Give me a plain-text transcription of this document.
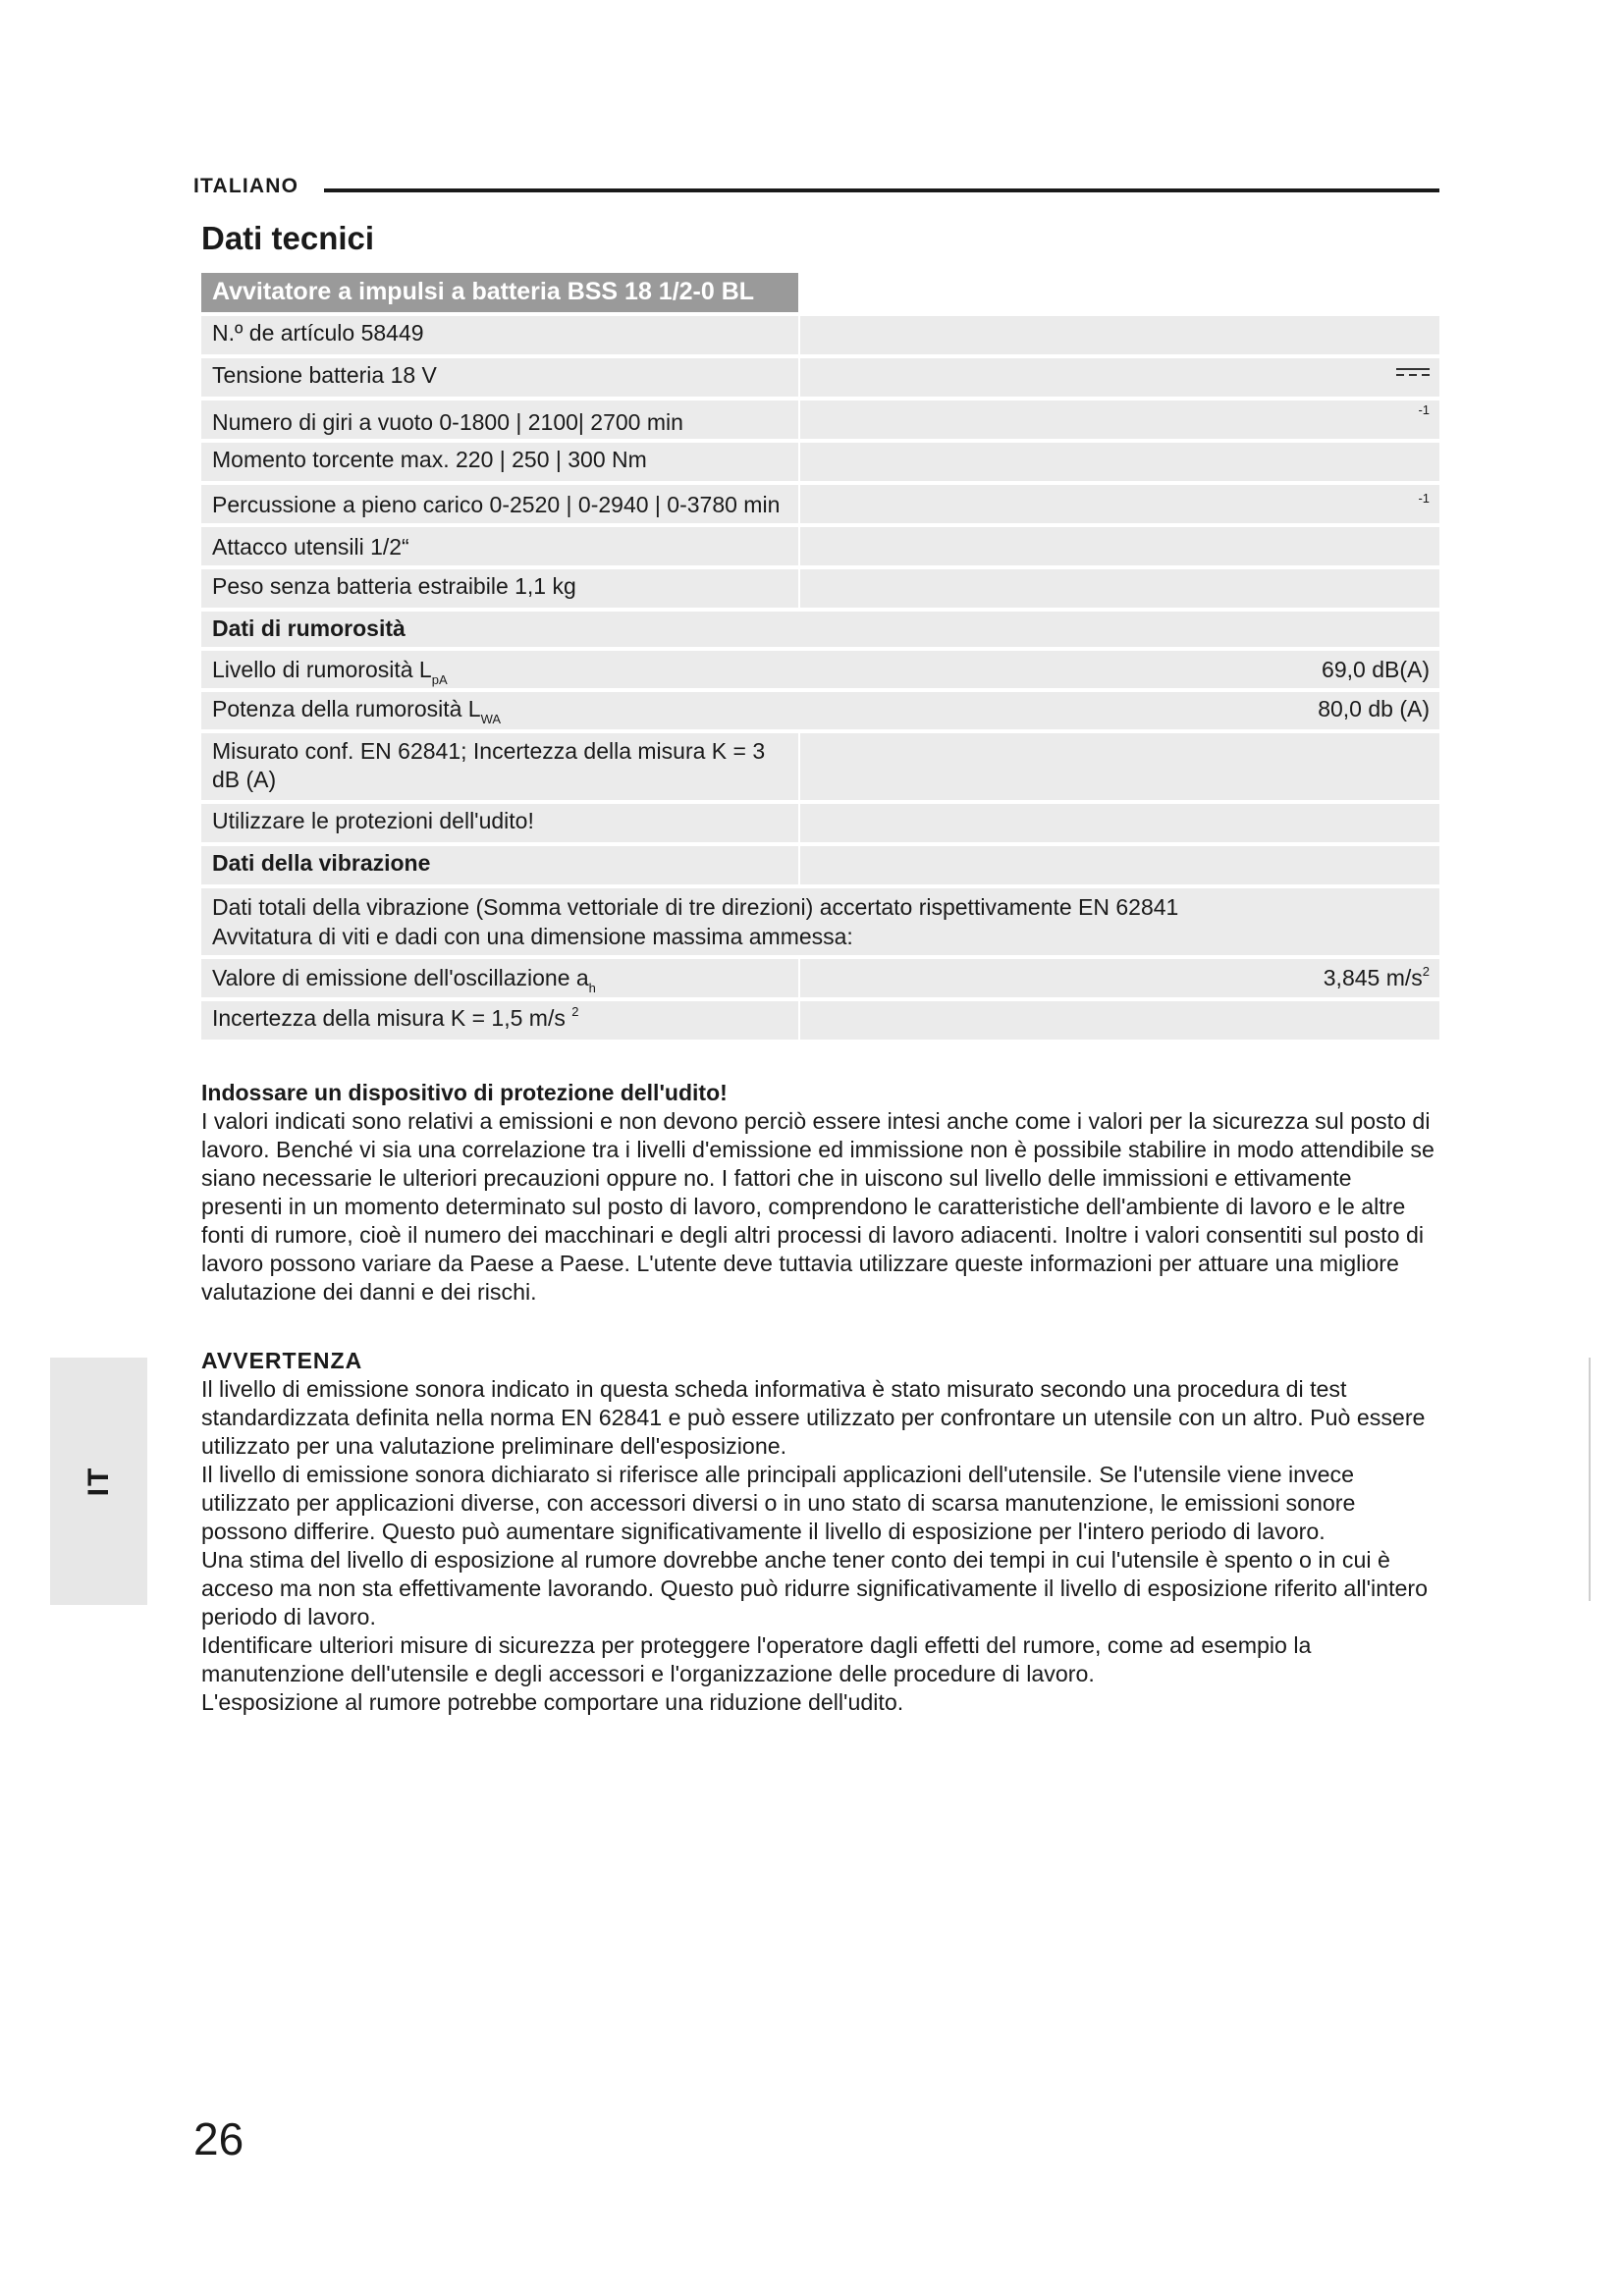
ITALIANO
Dati tecnici
Avvitatore a impulsi a batteria BSS 18 1/2-0 BL
N.º de artículo 58449
Tensione batteria 18 V
Numero di giri a vuoto 0-1800 | 2100| 2700 min	-1
Momento torcente max. 220 | 250 | 300 Nm
Percussione a pieno carico 0-2520 | 0-2940 | 0-3780 min	-1
Attacco utensili 1/2“
Peso senza batteria estraibile 1,1 kg
Dati di rumorosità
Livello di rumorosità $L_{pA}$	69,0 dB(A)
Potenza della rumorosità $L_{WA}$	80,0 db (A)
Misurato conf. EN 62841; Incertezza della misura K = 3 dB (A)
Utilizzare le protezioni dell'udito!
Dati della vibrazione
Dati totali della vibrazione (Somma vettoriale di tre direzioni) accertato rispettivamente EN 62841
Avvitatura di viti e dadi con una dimensione massima ammessa:
Valore di emissione dell'oscillazione $a_h$	3,845 $m/s^2$
Incertezza della misura K = 1,5 m/s $^2$
Indossare un dispositivo di protezione dell'udito!

I valori indicati sono relativi a emissioni e non devono perciò essere intesi anche come i valori per la sicurezza sul posto di lavoro. Benché vi sia una correlazione tra i livelli d'emissione ed immissione non è possibile stabilire in modo attendibile se siano necessarie le ulteriori precauzioni oppure no. I fattori che in uiscono sul livello delle immissioni e ettivamente presenti in un momento determinato sul posto di lavoro, comprendono le caratteristiche dell'ambiente di lavoro e le altre fonti di rumore, cioè il numero dei macchinari e degli altri processi di lavoro adiacenti. Inoltre i valori consentiti sul posto di lavoro possono variare da Paese a Paese. L'utente deve tuttavia utilizzare queste informazioni per attuare una migliore valutazione dei danni e dei rischi.

AVVERTENZA

Il livello di emissione sonora indicato in questa scheda informativa è stato misurato secondo una procedura di test standardizzata definita nella norma EN 62841 e può essere utilizzato per confrontare un utensile con un altro. Può essere utilizzato per una valutazione preliminare dell'esposizione.

Il livello di emissione sonora dichiarato si riferisce alle principali applicazioni dell'utensile. Se l'utensile viene invece utilizzato per applicazioni diverse, con accessori diversi o in uno stato di scarsa manutenzione, le emissioni sonore possono differire. Questo può aumentare significativamente il livello di esposizione per l'intero periodo di lavoro.

Una stima del livello di esposizione al rumore dovrebbe anche tener conto dei tempi in cui l'utensile è spento o in cui è acceso ma non sta effettivamente lavorando. Questo può ridurre significativamente il livello di esposizione riferito all'intero periodo di lavoro.

Identificare ulteriori misure di sicurezza per proteggere l'operatore dagli effetti del rumore, come ad esempio la manutenzione dell'utensile e degli accessori e l'organizzazione delle procedure di lavoro.

L'esposizione al rumore potrebbe comportare una riduzione dell'udito.

IT
26
